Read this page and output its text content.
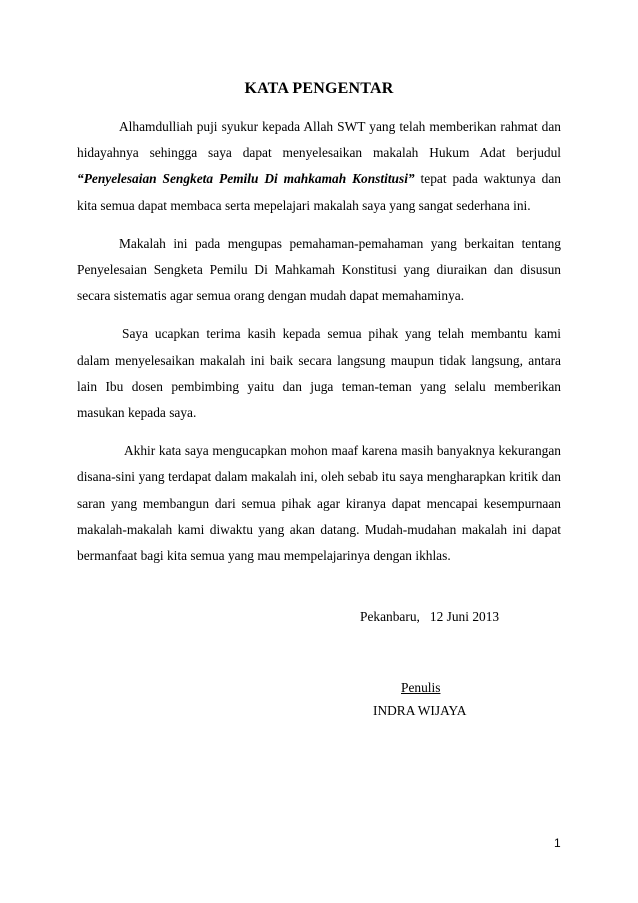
KATA PENGENTAR

Alhamdulliah puji syukur kepada Allah SWT yang telah memberikan rahmat dan hidayahnya sehingga saya dapat menyelesaikan makalah Hukum Adat berjudul “Penyelesaian Sengketa Pemilu Di mahkamah Konstitusi” tepat pada waktunya dan kita semua dapat membaca serta mepelajari makalah saya yang sangat sederhana ini.

Makalah ini pada mengupas pemahaman-pemahaman yang berkaitan tentang Penyelesaian Sengketa Pemilu Di Mahkamah Konstitusi yang diuraikan dan disusun secara sistematis agar semua orang dengan mudah dapat memahaminya.

Saya ucapkan terima kasih kepada semua pihak yang telah membantu kami dalam menyelesaikan makalah ini baik secara langsung maupun tidak langsung, antara lain Ibu dosen pembimbing yaitu dan juga teman-teman yang selalu memberikan masukan kepada saya.

Akhir kata saya mengucapkan mohon maaf karena masih banyaknya kekurangan disana-sini yang terdapat dalam makalah ini, oleh sebab itu saya mengharapkan kritik dan saran yang membangun dari semua pihak agar kiranya dapat mencapai kesempurnaan makalah-makalah kami diwaktu yang akan datang. Mudah-mudahan makalah ini dapat bermanfaat bagi kita semua yang mau mempelajarinya dengan ikhlas.

Pekanbaru,   12 Juni 2013
Penulis
INDRA WIJAYA
1
